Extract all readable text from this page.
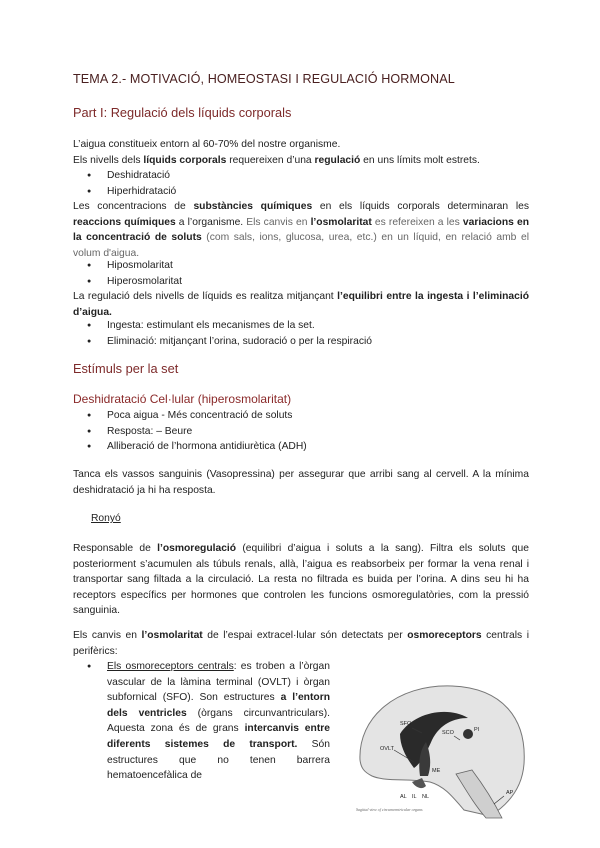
TEMA 2.- MOTIVACIÓ, HOMEOSTASI I REGULACIÓ HORMONAL
Part I: Regulació dels líquids corporals
L’aigua constitueix entorn al 60-70% del nostre organisme.
Els nivells dels líquids corporals requereixen d’una regulació en uns límits molt estrets.
● Deshidratació
● Hiperhidratació
Les concentracions de substàncies químiques en els líquids corporals determinaran les reaccions químiques a l’organisme. Els canvis en l’osmolaritat es refereixen a les variacions en la concentració de soluts (com sals, ions, glucosa, urea, etc.) en un líquid, en relació amb el volum d'aigua.
● Hiposmolaritat
● Hiperosmolaritat
La regulació dels nivells de líquids es realitza mitjançant l’equilibri entre la ingesta i l’eliminació d’aigua.
● Ingesta: estimulant els mecanismes de la set.
● Eliminació: mitjançant l’orina, sudoració o per la respiració
Estímuls per la set
Deshidratació Cel·lular (hiperosmolaritat)
● Poca aigua - Més concentració de soluts
● Resposta: – Beure
● Alliberació de l’hormona antidiurètica (ADH)
Tanca els vassos sanguinis (Vasopressina) per assegurar que arribi sang al cervell. A la mínima deshidratació ja hi ha resposta.
Ronyó
Responsable de l’osmoregulació (equilibri d’aigua i soluts a la sang). Filtra els soluts que posteriorment s’acumulen als túbuls renals, allà, l’aigua es reabsorbeix per formar la vena renal i transportar sang filtada a la circulació. La resta no filtrada es buida per l’orina. A dins seu hi ha receptors específics per hormones que controlen les funcions osmoregulatòries, com la pressió sanguinia.
Els canvis en l’osmolaritat de l’espai extracel·lular són detectats per osmoreceptors centrals i perifèrics:
●	Els osmoreceptors centrals: es troben a l’òrgan vascular de la làmina terminal (OVLT) i òrgan subfornical (SFO). Son estructures a l’entorn dels ventricles (òrgans circunvantriculars). Aquesta zona és de grans intercanvis entre diferents sistemes de transport. Són estructures que no tenen barrera hematoencefàlica de
SFO
SCO	PI
OVLT
ME
AL IL NL
AP
Sagittal view of circumventricular organs
